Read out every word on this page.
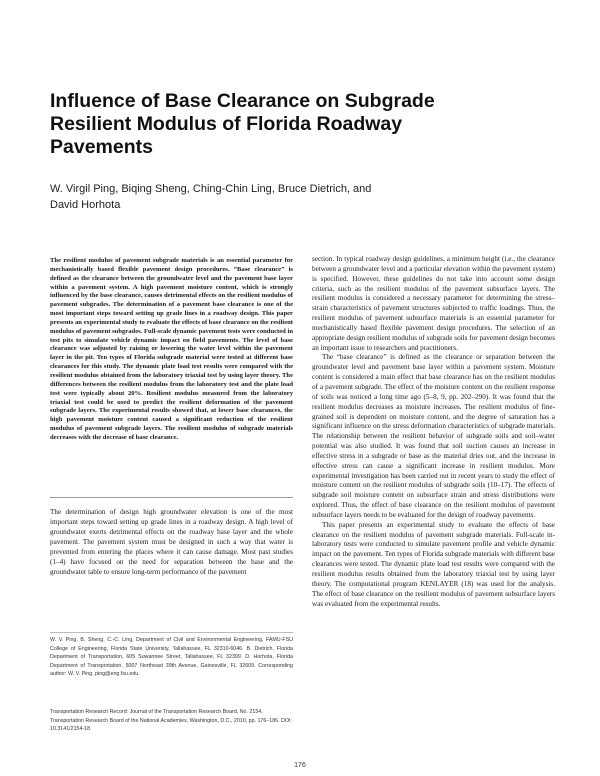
Influence of Base Clearance on Subgrade Resilient Modulus of Florida Roadway Pavements
W. Virgil Ping, Biqing Sheng, Ching-Chin Ling, Bruce Dietrich, and David Horhota

The resilient modulus of pavement subgrade materials is an essential parameter for mechanistically based flexible pavement design procedures. “Base clearance” is defined as the clearance between the groundwater level and the pavement base layer within a pavement system. A high pavement moisture content, which is strongly influenced by the base clearance, causes detrimental effects on the resilient modulus of pavement subgrades. The determination of a pavement base clearance is one of the most important steps toward setting up grade lines in a roadway design. This paper presents an experimental study to evaluate the effects of base clearance on the resilient modulus of pavement subgrades. Full-scale dynamic pavement tests were conducted in test pits to simulate vehicle dynamic impact on field pavements. The level of base clearance was adjusted by raising or lowering the water level within the pavement layer in the pit. Ten types of Florida subgrade material were tested at different base clearances for this study. The dynamic plate load test results were compared with the resilient modulus obtained from the laboratory triaxial test by using layer theory. The differences between the resilient modulus from the laboratory test and the plate load test were typically about 20%. Resilient modulus measured from the laboratory triaxial test could be used to predict the resilient deformation of the pavement subgrade layers. The experimental results showed that, at lower base clearances, the high pavement moisture content caused a significant reduction of the resilient modulus of pavement subgrade layers. The resilient modulus of subgrade materials decreases with the decrease of base clearance.

The determination of design high groundwater elevation is one of the most important steps toward setting up grade lines in a roadway design. A high level of groundwater exerts detrimental effects on the roadway base layer and the whole pavement. The pavement system must be designed in such a way that water is prevented from entering the places where it can cause damage. Most past studies (1–4) have focused on the need for separation between the base and the groundwater table to ensure long-term performance of the pavement

W. V. Ping, B. Sheng, C.-C. Ling, Department of Civil and Environmental Engineering, FAMU-FSU College of Engineering, Florida State University, Tallahassee, FL 32310-6046. B. Dietrich, Florida Department of Transportation, 605 Suwannee Street, Tallahassee, FL 32399. D. Horhota, Florida Department of Transportation, 5007 Northeast 39th Avenue, Gainesville, FL 32609. Corresponding author: W. V. Ping, ping@eng.fsu.edu.

Transportation Research Record: Journal of the Transportation Research Board, No. 2154, Transportation Research Board of the National Academies, Washington, D.C., 2010, pp. 176–186. DOI: 10.3141/2154-18

section. In typical roadway design guidelines, a minimum height (i.e., the clearance between a groundwater level and a particular elevation within the pavement system) is specified. However, these guidelines do not take into account some design criteria, such as the resilient modulus of the pavement subsurface layers. The resilient modulus is considered a necessary parameter for determining the stress–strain characteristics of pavement structures subjected to traffic loadings. Thus, the resilient modulus of pavement subsurface materials is an essential parameter for mechanistically based flexible pavement design procedures. The selection of an appropriate design resilient modulus of subgrade soils for pavement design becomes an important issue to researchers and practitioners.

The “base clearance” is defined as the clearance or separation between the groundwater level and pavement base layer within a pavement system. Moisture content is considered a main effect that base clearance has on the resilient modulus of a pavement subgrade. The effect of the moisture content on the resilient response of soils was noticed a long time ago (5–8, 9, pp. 202–290). It was found that the resilient modulus decreases as moisture increases. The resilient modulus of fine-grained soil is dependent on moisture content, and the degree of saturation has a significant influence on the stress deformation characteristics of subgrade materials. The relationship between the resilient behavior of subgrade soils and soil–water potential was also studied. It was found that soil suction causes an increase in effective stress in a subgrade or base as the material dries out, and the increase in effective stress can cause a significant increase in resilient modulus. More experimental investigation has been carried out in recent years to study the effect of moisture content on the resilient modulus of subgrade soils (10–17). The effects of subgrade soil moisture content on subsurface strain and stress distributions were explored. Thus, the effect of base clearance on the resilient modulus of pavement subsurface layers needs to be evaluated for the design of roadway pavements.

This paper presents an experimental study to evaluate the effects of base clearance on the resilient modulus of pavement subgrade materials. Full-scale in-laboratory tests were conducted to simulate pavement profile and vehicle dynamic impact on the pavement. Ten types of Florida subgrade materials with different base clearances were tested. The dynamic plate load test results were compared with the resilient modulus results obtained from the laboratory triaxial test by using layer theory. The computational program KENLAYER (18) was used for the analysis. The effect of base clearance on the resilient modulus of pavement subsurface layers was evaluated from the experimental results.

176
